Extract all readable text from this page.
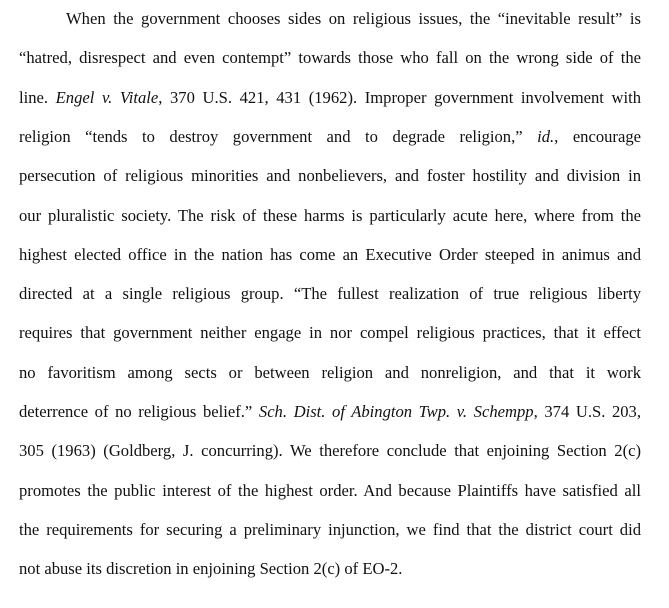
When the government chooses sides on religious issues, the “inevitable result” is
“hatred, disrespect and even contempt” towards those who fall on the wrong side of the
line. Engel v. Vitale, 370 U.S. 421, 431 (1962). Improper government involvement with
religion “tends to destroy government and to degrade religion,” id., encourage
persecution of religious minorities and nonbelievers, and foster hostility and division in
our pluralistic society. The risk of these harms is particularly acute here, where from the
highest elected office in the nation has come an Executive Order steeped in animus and
directed at a single religious group. “The fullest realization of true religious liberty
requires that government neither engage in nor compel religious practices, that it effect
no favoritism among sects or between religion and nonreligion, and that it work
deterrence of no religious belief.” Sch. Dist. of Abington Twp. v. Schempp, 374 U.S. 203,
305 (1963) (Goldberg, J. concurring). We therefore conclude that enjoining Section 2(c)
promotes the public interest of the highest order. And because Plaintiffs have satisfied all
the requirements for securing a preliminary injunction, we find that the district court did
not abuse its discretion in enjoining Section 2(c) of EO-2.
